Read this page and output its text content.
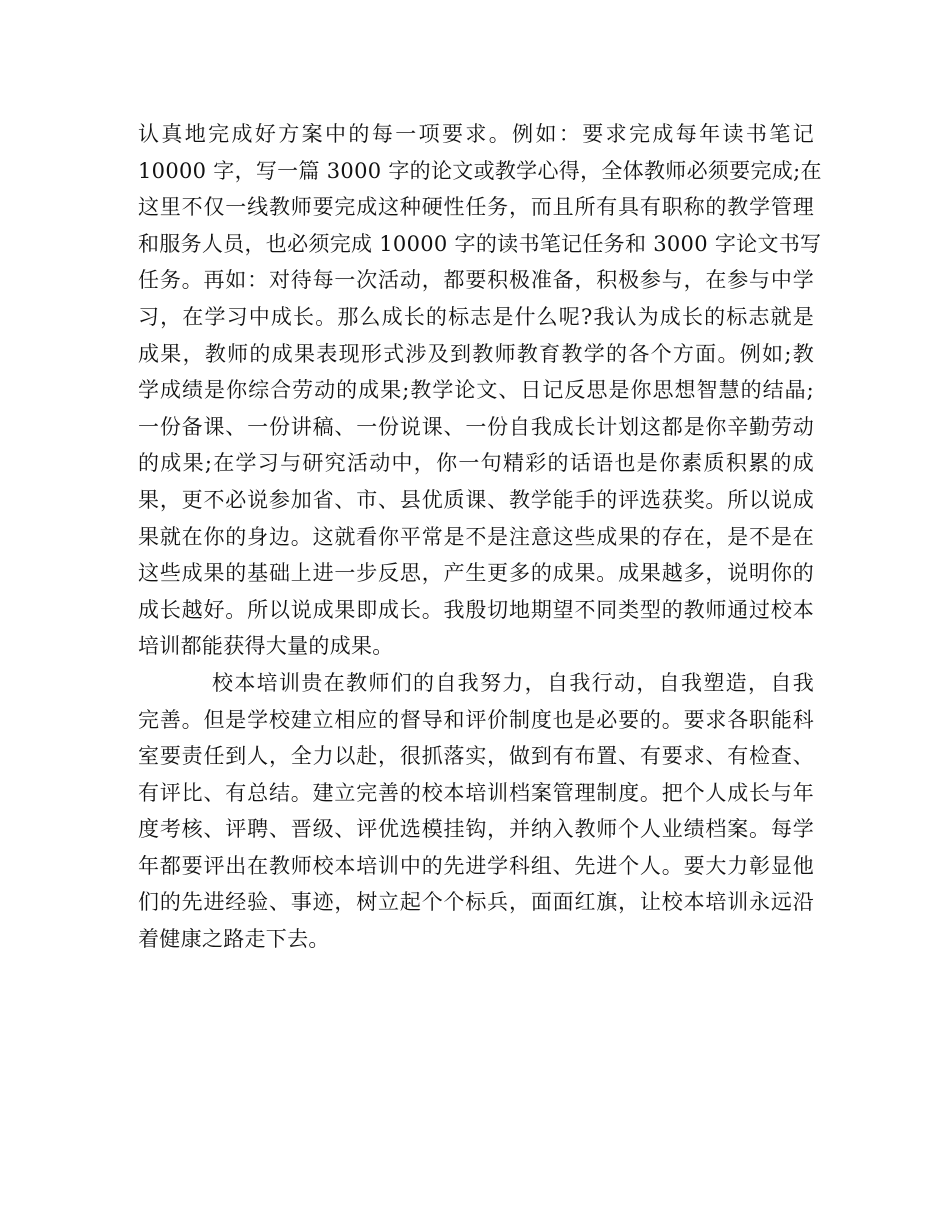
认真地完成好方案中的每一项要求。例如：要求完成每年读书笔记
10000 字，写一篇 3000 字的论文或教学心得，全体教师必须要完成;在
这里不仅一线教师要完成这种硬性任务，而且所有具有职称的教学管理
和服务人员，也必须完成 10000 字的读书笔记任务和 3000 字论文书写
任务。再如：对待每一次活动，都要积极准备，积极参与，在参与中学
习，在学习中成长。那么成长的标志是什么呢?我认为成长的标志就是
成果，教师的成果表现形式涉及到教师教育教学的各个方面。例如;教
学成绩是你综合劳动的成果;教学论文、日记反思是你思想智慧的结晶;
一份备课、一份讲稿、一份说课、一份自我成长计划这都是你辛勤劳动
的成果;在学习与研究活动中，你一句精彩的话语也是你素质积累的成
果，更不必说参加省、市、县优质课、教学能手的评选获奖。所以说成
果就在你的身边。这就看你平常是不是注意这些成果的存在，是不是在
这些成果的基础上进一步反思，产生更多的成果。成果越多，说明你的
成长越好。所以说成果即成长。我殷切地期望不同类型的教师通过校本
培训都能获得大量的成果。
校本培训贵在教师们的自我努力，自我行动，自我塑造，自我
完善。但是学校建立相应的督导和评价制度也是必要的。要求各职能科
室要责任到人，全力以赴，很抓落实，做到有布置、有要求、有检查、
有评比、有总结。建立完善的校本培训档案管理制度。把个人成长与年
度考核、评聘、晋级、评优选模挂钩，并纳入教师个人业绩档案。每学
年都要评出在教师校本培训中的先进学科组、先进个人。要大力彰显他
们的先进经验、事迹，树立起个个标兵，面面红旗，让校本培训永远沿
着健康之路走下去。
